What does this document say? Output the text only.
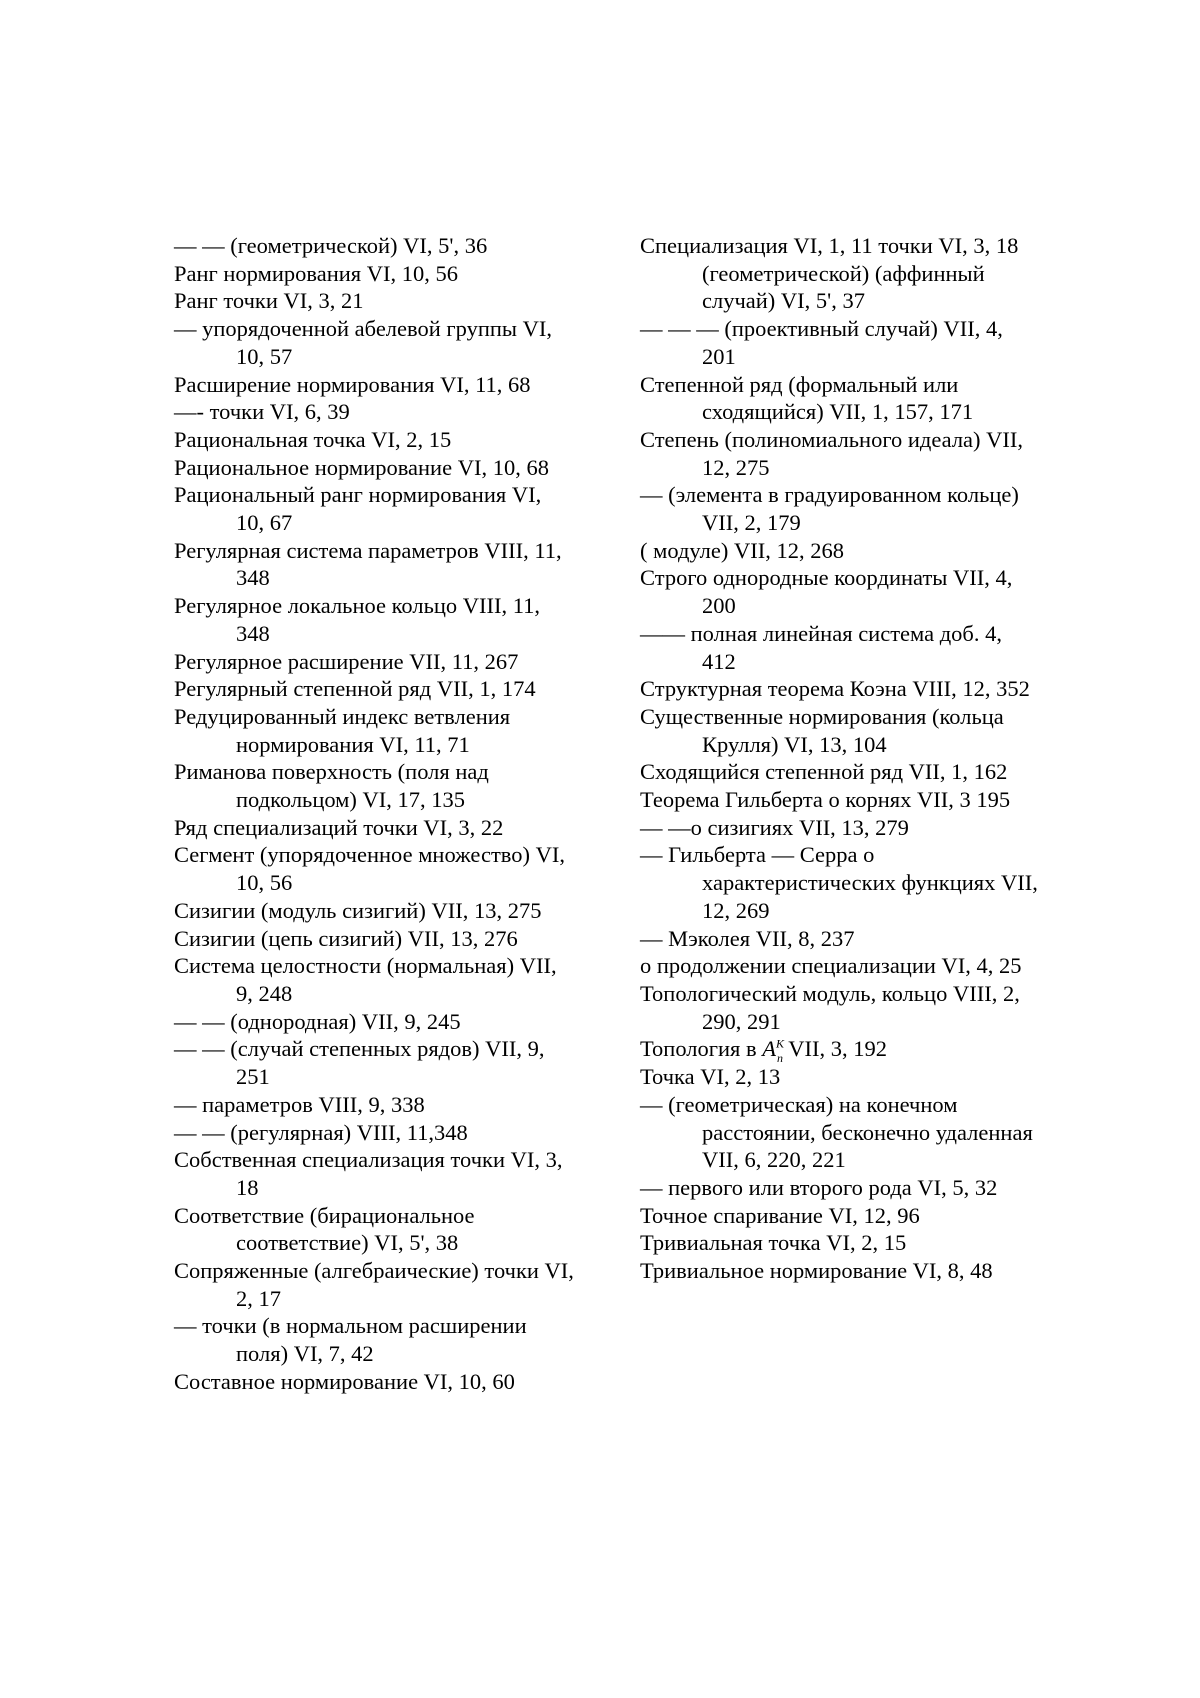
— — (геометрической) VI, 5', 36

Ранг нормирования VI, 10, 56

Ранг точки VI, 3, 21

— упорядоченной абелевой группы VI, 10, 57

Расширение нормирования VI, 11, 68

—- точки VI, 6, 39

Рациональная точка VI, 2, 15

Рациональное нормирование VI, 10, 68

Рациональный ранг нормирования VI, 10, 67

Регулярная система параметров VIII, 11, 348

Регулярное локальное кольцо VIII, 11, 348

Регулярное расширение VII, 11, 267

Регулярный степенной ряд VII, 1, 174

Редуцированный индекс ветвления нормирования VI, 11, 71

Риманова поверхность (поля над подкольцом) VI, 17, 135

Ряд специализаций точки VI, 3, 22

Сегмент (упорядоченное множество) VI, 10, 56

Сизигии (модуль сизигий) VII, 13, 275

Сизигии (цепь сизигий) VII, 13, 276

Система целостности (нормальная) VII, 9, 248

— — (однородная) VII, 9, 245

— — (случай степенных рядов) VII, 9, 251

— параметров VIII, 9, 338

— — (регулярная) VIII, 11,348

Собственная специализация точки VI, 3, 18

Соответствие (бирациональное соответствие) VI, 5', 38

Сопряженные (алгебраические) точки VI, 2, 17

— точки (в нормальном расширении поля) VI, 7, 42

Составное нормирование VI, 10, 60

Специализация VI, 1, 11 точки VI, 3, 18

(геометрической) (аффинный случай) VI, 5', 37

— — — (проективный случай) VII, 4, 201

Степенной ряд (формальный или сходящийся) VII, 1, 157, 171

Степень (полиномиального идеала) VII, 12, 275

— (элемента в градуированном кольце) VII, 2, 179

( модуле) VII, 12, 268

Строго однородные координаты VII, 4, 200

—— полная линейная система доб. 4, 412

Структурная теорема Коэна VIII, 12, 352

Существенные нормирования (кольца Крулля) VI, 13, 104

Сходящийся степенной ряд VII, 1, 162

Теорема Гильберта о корнях VII, 3 195

— —о сизигиях VII, 13, 279

— Гильберта — Серра о характеристических функциях VII, 12, 269

— Мэколея VII, 8, 237

о продолжении специализации VI, 4, 25

Топологический модуль, кольцо VIII, 2, 290, 291

Топология в $A^K_n$ VII, 3, 192

Точка VI, 2, 13

— (геометрическая) на конечном расстоянии, бесконечно удаленная VII, 6, 220, 221

— первого или второго рода VI, 5, 32

Точное спаривание VI, 12, 96

Тривиальная точка VI, 2, 15

Тривиальное нормирование VI, 8, 48
